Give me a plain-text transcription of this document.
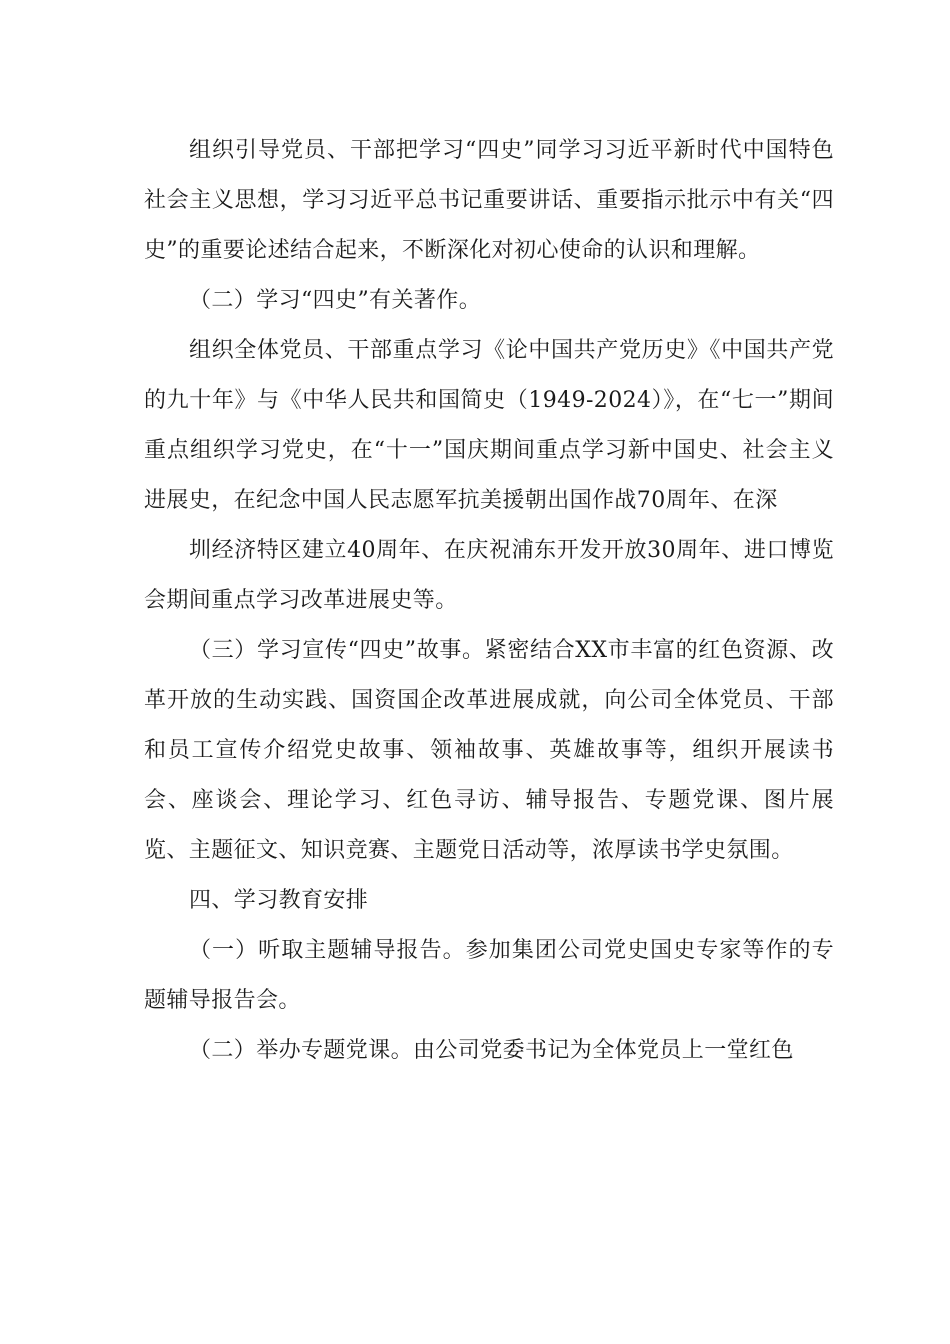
组织引导党员、干部把学习“四史”同学习习近平新时代中国特色社会主义思想，学习习近平总书记重要讲话、重要指示批示中有关“四史”的重要论述结合起来，不断深化对初心使命的认识和理解。

（二）学习“四史”有关著作。

组织全体党员、干部重点学习《论中国共产党历史》《中国共产党的九十年》与《中华人民共和国简史（1949-2024）》，在“七一”期间重点组织学习党史，在“十一”国庆期间重点学习新中国史、社会主义进展史，在纪念中国人民志愿军抗美援朝出国作战70周年、在深

圳经济特区建立40周年、在庆祝浦东开发开放30周年、进口博览会期间重点学习改革进展史等。

（三）学习宣传“四史”故事。紧密结合XX市丰富的红色资源、改革开放的生动实践、国资国企改革进展成就，向公司全体党员、干部和员工宣传介绍党史故事、领袖故事、英雄故事等，组织开展读书会、座谈会、理论学习、红色寻访、辅导报告、专题党课、图片展览、主题征文、知识竞赛、主题党日活动等，浓厚读书学史氛围。

四、学习教育安排

（一）听取主题辅导报告。参加集团公司党史国史专家等作的专题辅导报告会。

（二）举办专题党课。由公司党委书记为全体党员上一堂红色
